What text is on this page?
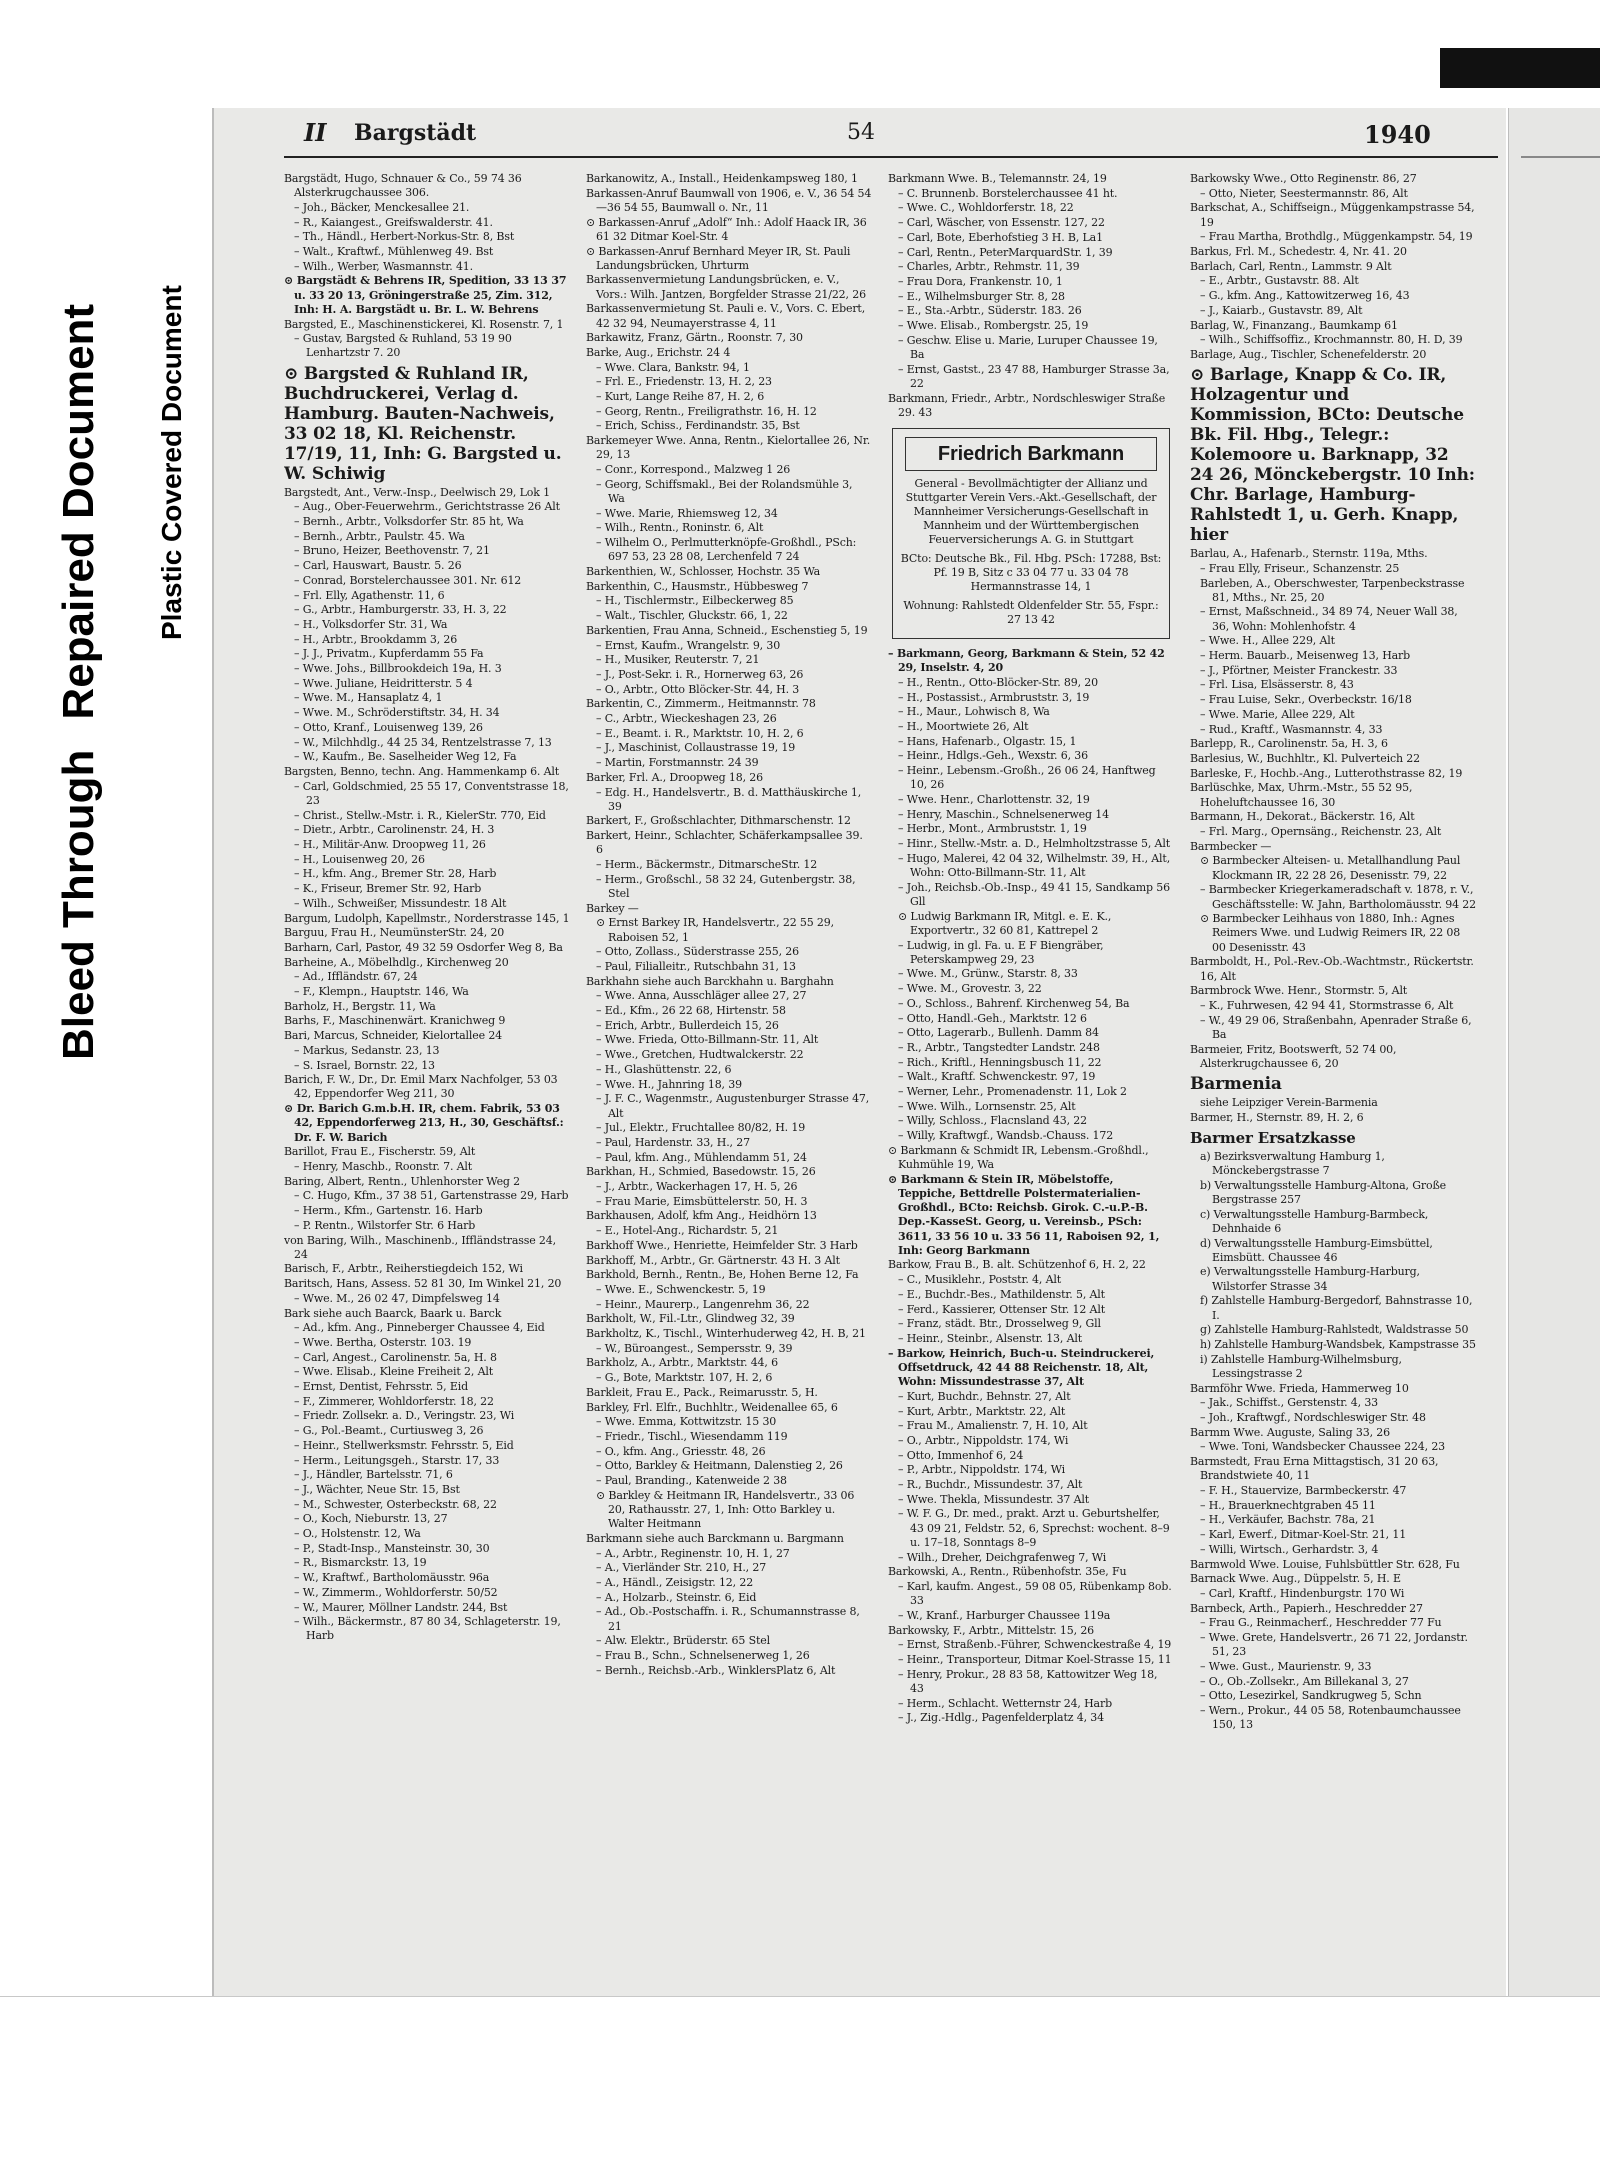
Bleed ThroughRepaired Document Plastic Covered Document
II Bargstädt	54	1940
Bargstädt, Hugo, Schnauer & Co., 59 74 36 Alsterkrugchaussee 306.
– Joh., Bäcker, Menckesallee 21.
– R., Kaiangest., Greifswalderstr. 41.
– Th., Händl., Herbert-Norkus-Str. 8, Bst
– Walt., Kraftwf., Mühlenweg 49. Bst
– Wilh., Werber, Wasmannstr. 41.
⊙ Bargstädt & Behrens IR, Spedition, 33 13 37 u. 33 20 13, Gröningerstraße 25, Zim. 312, Inh: H. A. Bargstädt u. Br. L. W. Behrens
Bargsted, E., Maschinenstickerei, Kl. Rosenstr. 7, 1
– Gustav, Bargsted & Ruhland, 53 19 90 Lenhartzstr 7. 20
⊙ Bargsted & Ruhland IR, Buchdruckerei, Verlag d. Hamburg. Bauten-Nachweis, 33 02 18, Kl. Reichenstr. 17/19, 11, Inh: G. Bargsted u. W. Schiwig
Bargstedt, Ant., Verw.-Insp., Deelwisch 29, Lok 1
– Aug., Ober-Feuerwehrm., Gerichtstrasse 26 Alt
– Bernh., Arbtr., Volksdorfer Str. 85 ht, Wa
– Bernh., Arbtr., Paulstr. 45. Wa
– Bruno, Heizer, Beethovenstr. 7, 21
– Carl, Hauswart, Baustr. 5. 26
– Conrad, Borstelerchaussee 301. Nr. 612
– Frl. Elly, Agathenstr. 11, 6
– G., Arbtr., Hamburgerstr. 33, H. 3, 22
– H., Volksdorfer Str. 31, Wa
– H., Arbtr., Brookdamm 3, 26
– J. J., Privatm., Kupferdamm 55 Fa
– Wwe. Johs., Billbrookdeich 19a, H. 3
– Wwe. Juliane, Heidritterstr. 5 4
– Wwe. M., Hansaplatz 4, 1
– Wwe. M., Schröderstiftstr. 34, H. 34
– Otto, Kranf., Louisenweg 139, 26
– W., Milchhdlg., 44 25 34, Rentzelstrasse 7, 13
– W., Kaufm., Be. Saselheider Weg 12, Fa
Bargsten, Benno, techn. Ang. Hammenkamp 6. Alt
– Carl, Goldschmied, 25 55 17, Conventstrasse 18, 23
– Christ., Stellw.-Mstr. i. R., KielerStr. 770, Eid
– Dietr., Arbtr., Carolinenstr. 24, H. 3
– H., Militär-Anw. Droopweg 11, 26
– H., Louisenweg 20, 26
– H., kfm. Ang., Bremer Str. 28, Harb
– K., Friseur, Bremer Str. 92, Harb
– Wilh., Schweißer, Missundestr. 18 Alt
Bargum, Ludolph, Kapellmstr., Norderstrasse 145, 1
Barguu, Frau H., NeumünsterStr. 24, 20
Barharn, Carl, Pastor, 49 32 59 Osdorfer Weg 8, Ba
Barheine, A., Möbelhdlg., Kirchenweg 20
– Ad., Iffländstr. 67, 24
– F., Klempn., Hauptstr. 146, Wa
Barholz, H., Bergstr. 11, Wa
Barhs, F., Maschinenwärt. Kranichweg 9
Bari, Marcus, Schneider, Kielortallee 24
– Markus, Sedanstr. 23, 13
– S. Israel, Bornstr. 22, 13
Barich, F. W., Dr., Dr. Emil Marx Nachfolger, 53 03 42, Eppendorfer Weg 211, 30
⊙ Dr. Barich G.m.b.H. IR, chem. Fabrik, 53 03 42, Eppendorferweg 213, H., 30, Geschäftsf.: Dr. F. W. Barich
Barillot, Frau E., Fischerstr. 59, Alt
– Henry, Maschb., Roonstr. 7. Alt
Baring, Albert, Rentn., Uhlenhorster Weg 2
– C. Hugo, Kfm., 37 38 51, Gartenstrasse 29, Harb
– Herm., Kfm., Gartenstr. 16. Harb
– P. Rentn., Wilstorfer Str. 6 Harb
von Baring, Wilh., Maschinenb., Iffländstrasse 24, 24
Barisch, F., Arbtr., Reiherstiegdeich 152, Wi
Baritsch, Hans, Assess. 52 81 30, Im Winkel 21, 20
– Wwe. M., 26 02 47, Dimpfelsweg 14
Bark siehe auch Baarck, Baark u. Barck
– Ad., kfm. Ang., Pinneberger Chaussee 4, Eid
– Wwe. Bertha, Osterstr. 103. 19
– Carl, Angest., Carolinenstr. 5a, H. 8
– Wwe. Elisab., Kleine Freiheit 2, Alt
– Ernst, Dentist, Fehrsstr. 5, Eid
– F., Zimmerer, Wohldorferstr. 18, 22
– Friedr. Zollsekr. a. D., Veringstr. 23, Wi
– G., Pol.-Beamt., Curtiusweg 3, 26
– Heinr., Stellwerksmstr. Fehrsstr. 5, Eid
– Herm., Leitungsgeh., Starstr. 17, 33
– J., Händler, Bartelsstr. 71, 6
– J., Wächter, Neue Str. 15, Bst
– M., Schwester, Osterbeckstr. 68, 22
– O., Koch, Nieburstr. 13, 27
– O., Holstenstr. 12, Wa
– P., Stadt-Insp., Mansteinstr. 30, 30
– R., Bismarckstr. 13, 19
– W., Kraftwf., Bartholomäusstr. 96a
– W., Zimmerm., Wohldorferstr. 50/52
– W., Maurer, Möllner Landstr. 244, Bst
– Wilh., Bäckermstr., 87 80 34, Schlageterstr. 19, Harb
Barkanowitz, A., Install., Heidenkampsweg 180, 1
Barkassen-Anruf Baumwall von 1906, e. V., 36 54 54—36 54 55, Baumwall o. Nr., 11
⊙ Barkassen-Anruf „Adolf“ Inh.: Adolf Haack IR, 36 61 32 Ditmar Koel-Str. 4
⊙ Barkassen-Anruf Bernhard Meyer IR, St. Pauli Landungsbrücken, Uhrturm
Barkassenvermietung Landungsbrücken, e. V., Vors.: Wilh. Jantzen, Borgfelder Strasse 21/22, 26
Barkassenvermietung St. Pauli e. V., Vors. C. Ebert, 42 32 94, Neumayerstrasse 4, 11
Barkawitz, Franz, Gärtn., Roonstr. 7, 30
Barke, Aug., Erichstr. 24 4
– Wwe. Clara, Bankstr. 94, 1
– Frl. E., Friedenstr. 13, H. 2, 23
– Kurt, Lange Reihe 87, H. 2, 6
– Georg, Rentn., Freiligrathstr. 16, H. 12
– Erich, Schiss., Ferdinandstr. 35, Bst
Barkemeyer Wwe. Anna, Rentn., Kielortallee 26, Nr. 29, 13
– Conr., Korrespond., Malzweg 1 26
– Georg, Schiffsmakl., Bei der Rolandsmühle 3, Wa
– Wwe. Marie, Rhiemsweg 12, 34
– Wilh., Rentn., Roninstr. 6, Alt
– Wilhelm O., Perlmutterknöpfe-Großhdl., PSch: 697 53, 23 28 08, Lerchenfeld 7 24
Barkenthien, W., Schlosser, Hochstr. 35 Wa
Barkenthin, C., Hausmstr., Hübbesweg 7
– H., Tischlermstr., Eilbeckerweg 85
– Walt., Tischler, Gluckstr. 66, 1, 22
Barkentien, Frau Anna, Schneid., Eschenstieg 5, 19
– Ernst, Kaufm., Wrangelstr. 9, 30
– H., Musiker, Reuterstr. 7, 21
– J., Post-Sekr. i. R., Hornerweg 63, 26
– O., Arbtr., Otto Blöcker-Str. 44, H. 3
Barkentin, C., Zimmerm., Heitmannstr. 78
– C., Arbtr., Wieckeshagen 23, 26
– E., Beamt. i. R., Marktstr. 10, H. 2, 6
– J., Maschinist, Collaustrasse 19, 19
– Martin, Forstmannstr. 24 39
Barker, Frl. A., Droopweg 18, 26
– Edg. H., Handelsvertr., B. d. Matthäuskirche 1, 39
Barkert, F., Großschlachter, Dithmarschenstr. 12
Barkert, Heinr., Schlachter, Schäferkampsallee 39. 6
– Herm., Bäckermstr., DitmarscheStr. 12
– Herm., Großschl., 58 32 24, Gutenbergstr. 38, Stel
Barkey —
⊙ Ernst Barkey IR, Handelsvertr., 22 55 29, Raboisen 52, 1
– Otto, Zollass., Süderstrasse 255, 26
– Paul, Filialleitr., Rutschbahn 31, 13
Barkhahn siehe auch Barckhahn u. Barghahn
– Wwe. Anna, Ausschläger allee 27, 27
– Ed., Kfm., 26 22 68, Hirtenstr. 58
– Erich, Arbtr., Bullerdeich 15, 26
– Wwe. Frieda, Otto-Billmann-Str. 11, Alt
– Wwe., Gretchen, Hudtwalckerstr. 22
– H., Glashüttenstr. 22, 6
– Wwe. H., Jahnring 18, 39
– J. F. C., Wagenmstr., Augustenburger Strasse 47, Alt
– Jul., Elektr., Fruchtallee 80/82, H. 19
– Paul, Hardenstr. 33, H., 27
– Paul, kfm. Ang., Mühlendamm 51, 24
Barkhan, H., Schmied, Basedowstr. 15, 26
– J., Arbtr., Wackerhagen 17, H. 5, 26
– Frau Marie, Eimsbüttelerstr. 50, H. 3
Barkhausen, Adolf, kfm Ang., Heidhörn 13
– E., Hotel-Ang., Richardstr. 5, 21
Barkhoff Wwe., Henriette, Heimfelder Str. 3 Harb
Barkhoff, M., Arbtr., Gr. Gärtnerstr. 43 H. 3 Alt
Barkhold, Bernh., Rentn., Be, Hohen Berne 12, Fa
– Wwe. E., Schwenckestr. 5, 19
– Heinr., Maurerp., Langenrehm 36, 22
Barkholt, W., Fil.-Ltr., Glindweg 32, 39
Barkholtz, K., Tischl., Winterhuderweg 42, H. B, 21
– W., Büroangest., Sempersstr. 9, 39
Barkholz, A., Arbtr., Marktstr. 44, 6
– G., Bote, Marktstr. 107, H. 2, 6
Barkleit, Frau E., Pack., Reimarusstr. 5, H.
Barkley, Frl. Elfr., Buchhltr., Weidenallee 65, 6
– Wwe. Emma, Kottwitzstr. 15 30
– Friedr., Tischl., Wiesendamm 119
– O., kfm. Ang., Griesstr. 48, 26
– Otto, Barkley & Heitmann, Dalenstieg 2, 26
– Paul, Branding., Katenweide 2 38
⊙ Barkley & Heitmann IR, Handelsvertr., 33 06 20, Rathausstr. 27, 1, Inh: Otto Barkley u. Walter Heitmann
Barkmann siehe auch Barckmann u. Bargmann
– A., Arbtr., Reginenstr. 10, H. 1, 27
– A., Vierländer Str. 210, H., 27
– A., Händl., Zeisigstr. 12, 22
– A., Holzarb., Steinstr. 6, Eid
– Ad., Ob.-Postschaffn. i. R., Schumannstrasse 8, 21
– Alw. Elektr., Brüderstr. 65 Stel
– Frau B., Schn., Schnelsenerweg 1, 26
– Bernh., Reichsb.-Arb., WinklersPlatz 6, Alt
Barkmann Wwe. B., Telemannstr. 24, 19
– C. Brunnenb. Borstelerchaussee 41 ht.
– Wwe. C., Wohldorferstr. 18, 22
– Carl, Wäscher, von Essenstr. 127, 22
– Carl, Bote, Eberhofstieg 3 H. B, La1
– Carl, Rentn., PeterMarquardStr. 1, 39
– Charles, Arbtr., Rehmstr. 11, 39
– Frau Dora, Frankenstr. 10, 1
– E., Wilhelmsburger Str. 8, 28
– E., Sta.-Arbtr., Süderstr. 183. 26
– Wwe. Elisab., Rombergstr. 25, 19
– Geschw. Elise u. Marie, Luruper Chaussee 19, Ba
– Ernst, Gastst., 23 47 88, Hamburger Strasse 3a, 22
Barkmann, Friedr., Arbtr., Nordschleswiger Straße 29. 43
Friedrich Barkmann
General - Bevollmächtigter der Allianz und Stuttgarter Verein Vers.-Akt.-Gesellschaft, der Mannheimer Versicherungs-Gesellschaft in Mannheim und der Württembergischen Feuerversicherungs A. G. in Stuttgart
BCto: Deutsche Bk., Fil. Hbg. PSch: 17288, Bst: Pf. 19 B, Sitz c 33 04 77 u. 33 04 78 Hermannstrasse 14, 1
Wohnung: Rahlstedt Oldenfelder Str. 55, Fspr.: 27 13 42
– Barkmann, Georg, Barkmann & Stein, 52 42 29, Inselstr. 4, 20
– H., Rentn., Otto-Blöcker-Str. 89, 20
– H., Postassist., Armbruststr. 3, 19
– H., Maur., Lohwisch 8, Wa
– H., Moortwiete 26, Alt
– Hans, Hafenarb., Olgastr. 15, 1
– Heinr., Hdlgs.-Geh., Wexstr. 6, 36
– Heinr., Lebensm.-Großh., 26 06 24, Hanftweg 10, 26
– Wwe. Henr., Charlottenstr. 32, 19
– Henry, Maschin., Schnelsenerweg 14
– Herbr., Mont., Armbruststr. 1, 19
– Hinr., Stellw.-Mstr. a. D., Helmholtzstrasse 5, Alt
– Hugo, Malerei, 42 04 32, Wilhelmstr. 39, H., Alt, Wohn: Otto-Billmann-Str. 11, Alt
– Joh., Reichsb.-Ob.-Insp., 49 41 15, Sandkamp 56 Gll
⊙ Ludwig Barkmann IR, Mitgl. e. E. K., Exportvertr., 32 60 81, Kattrepel 2
– Ludwig, in gl. Fa. u. E F Biengräber, Peterskampweg 29, 23
– Wwe. M., Grünw., Starstr. 8, 33
– Wwe. M., Grovestr. 3, 22
– O., Schloss., Bahrenf. Kirchenweg 54, Ba
– Otto, Handl.-Geh., Marktstr. 12 6
– Otto, Lagerarb., Bullenh. Damm 84
– R., Arbtr., Tangstedter Landstr. 248
– Rich., Kriftl., Henningsbusch 11, 22
– Walt., Kraftf. Schwenckestr. 97, 19
– Werner, Lehr., Promenadenstr. 11, Lok 2
– Wwe. Wilh., Lornsenstr. 25, Alt
– Willy, Schloss., Flacnsland 43, 22
– Willy, Kraftwgf., Wandsb.-Chauss. 172
⊙ Barkmann & Schmidt IR, Lebensm.-Großhdl., Kuhmühle 19, Wa
⊙ Barkmann & Stein IR, Möbelstoffe, Teppiche, Bettdrelle Polstermaterialien-Großhdl., BCto: Reichsb. Girok. C.-u.P.-B. Dep.-KasseSt. Georg, u. Vereinsb., PSch: 3611, 33 56 10 u. 33 56 11, Raboisen 92, 1, Inh: Georg Barkmann
Barkow, Frau B., B. alt. Schützenhof 6, H. 2, 22
– C., Musiklehr., Poststr. 4, Alt
– E., Buchdr.-Bes., Mathildenstr. 5, Alt
– Ferd., Kassierer, Ottenser Str. 12 Alt
– Franz, städt. Btr., Drosselweg 9, Gll
– Heinr., Steinbr., Alsenstr. 13, Alt
– Barkow, Heinrich, Buch-u. Steindruckerei, Offsetdruck, 42 44 88 Reichenstr. 18, Alt, Wohn: Missundestrasse 37, Alt
– Kurt, Buchdr., Behnstr. 27, Alt
– Kurt, Arbtr., Marktstr. 22, Alt
– Frau M., Amalienstr. 7, H. 10, Alt
– O., Arbtr., Nippoldstr. 174, Wi
– Otto, Immenhof 6, 24
– P., Arbtr., Nippoldstr. 174, Wi
– R., Buchdr., Missundestr. 37, Alt
– Wwe. Thekla, Missundestr. 37 Alt
– W. F. G., Dr. med., prakt. Arzt u. Geburtshelfer, 43 09 21, Feldstr. 52, 6, Sprechst: wochent. 8–9 u. 17–18, Sonntags 8–9
– Wilh., Dreher, Deichgrafenweg 7, Wi
Barkowski, A., Rentn., Rübenhofstr. 35e, Fu
– Karl, kaufm. Angest., 59 08 05, Rübenkamp 8ob. 33
– W., Kranf., Harburger Chaussee 119a
Barkowsky, F., Arbtr., Mittelstr. 15, 26
– Ernst, Straßenb.-Führer, Schwenckestraße 4, 19
– Heinr., Transporteur, Ditmar Koel-Strasse 15, 11
– Henry, Prokur., 28 83 58, Kattowitzer Weg 18, 43
– Herm., Schlacht. Wetternstr 24, Harb
– J., Zig.-Hdlg., Pagenfelderplatz 4, 34
Barkowsky Wwe., Otto Reginenstr. 86, 27
– Otto, Nieter, Seestermannstr. 86, Alt
Barkschat, A., Schiffseign., Müggenkampstrasse 54, 19
– Frau Martha, Brothdlg., Müggenkampstr. 54, 19
Barkus, Frl. M., Schedestr. 4, Nr. 41. 20
Barlach, Carl, Rentn., Lammstr. 9 Alt
– E., Arbtr., Gustavstr. 88. Alt
– G., kfm. Ang., Kattowitzerweg 16, 43
– J., Kaiarb., Gustavstr. 89, Alt
Barlag, W., Finanzang., Baumkamp 61
– Wilh., Schiffsoffiz., Krochmannstr. 80, H. D, 39
Barlage, Aug., Tischler, Schenefelderstr. 20
⊙ Barlage, Knapp & Co. IR, Holzagentur und Kommission, BCto: Deutsche Bk. Fil. Hbg., Telegr.: Kolemoore u. Barknapp, 32 24 26, Mönckebergstr. 10 Inh: Chr. Barlage, Hamburg-Rahlstedt 1, u. Gerh. Knapp, hier
Barlau, A., Hafenarb., Sternstr. 119a, Mths.
– Frau Elly, Friseur., Schanzenstr. 25
Barleben, A., Oberschwester, Tarpenbeckstrasse 81, Mths., Nr. 25, 20
– Ernst, Maßschneid., 34 89 74, Neuer Wall 38, 36, Wohn: Mohlenhofstr. 4
– Wwe. H., Allee 229, Alt
– Herm. Bauarb., Meisenweg 13, Harb
– J., Pförtner, Meister Franckestr. 33
– Frl. Lisa, Elsässerstr. 8, 43
– Frau Luise, Sekr., Overbeckstr. 16/18
– Wwe. Marie, Allee 229, Alt
– Rud., Kraftf., Wasmannstr. 4, 33
Barlepp, R., Carolinenstr. 5a, H. 3, 6
Barlesius, W., Buchhltr., Kl. Pulverteich 22
Barleske, F., Hochb.-Ang., Lutterothstrasse 82, 19
Barlüschke, Max, Uhrm.-Mstr., 55 52 95, Hoheluftchaussee 16, 30
Barmann, H., Dekorat., Bäckerstr. 16, Alt
– Frl. Marg., Opernsäng., Reichenstr. 23, Alt
Barmbecker —
⊙ Barmbecker Alteisen- u. Metallhandlung Paul Klockmann IR, 22 28 26, Desenisstr. 79, 22
– Barmbecker Kriegerkameradschaft v. 1878, r. V., Geschäftsstelle: W. Jahn, Bartholomäusstr. 94 22
⊙ Barmbecker Leihhaus von 1880, Inh.: Agnes Reimers Wwe. und Ludwig Reimers IR, 22 08 00 Desenisstr. 43
Barmboldt, H., Pol.-Rev.-Ob.-Wachtmstr., Rückertstr. 16, Alt
Barmbrock Wwe. Henr., Stormstr. 5, Alt
– K., Fuhrwesen, 42 94 41, Stormstrasse 6, Alt
– W., 49 29 06, Straßenbahn, Apenrader Straße 6, Ba
Barmeier, Fritz, Bootswerft, 52 74 00, Alsterkrugchaussee 6, 20
Barmenia
siehe Leipziger Verein-Barmenia
Barmer, H., Sternstr. 89, H. 2, 6
Barmer Ersatzkasse
a) Bezirksverwaltung Hamburg 1, Mönckebergstrasse 7
b) Verwaltungsstelle Hamburg-Altona, Große Bergstrasse 257
c) Verwaltungsstelle Hamburg-Barmbeck, Dehnhaide 6
d) Verwaltungsstelle Hamburg-Eimsbüttel, Eimsbütt. Chaussee 46
e) Verwaltungsstelle Hamburg-Harburg, Wilstorfer Strasse 34
f) Zahlstelle Hamburg-Bergedorf, Bahnstrasse 10, I.
g) Zahlstelle Hamburg-Rahlstedt, Waldstrasse 50
h) Zahlstelle Hamburg-Wandsbek, Kampstrasse 35
i) Zahlstelle Hamburg-Wilhelmsburg, Lessingstrasse 2
Barmföhr Wwe. Frieda, Hammerweg 10
– Jak., Schiffst., Gerstenstr. 4, 33
– Joh., Kraftwgf., Nordschleswiger Str. 48
Barmm Wwe. Auguste, Saling 33, 26
– Wwe. Toni, Wandsbecker Chaussee 224, 23
Barmstedt, Frau Erna Mittagstisch, 31 20 63, Brandstwiete 40, 11
– F. H., Stauervize, Barmbeckerstr. 47
– H., Brauerknechtgraben 45 11
– H., Verkäufer, Bachstr. 78a, 21
– Karl, Ewerf., Ditmar-Koel-Str. 21, 11
– Willi, Wirtsch., Gerhardstr. 3, 4
Barmwold Wwe. Louise, Fuhlsbüttler Str. 628, Fu
Barnack Wwe. Aug., Düppelstr. 5, H. E
– Carl, Kraftf., Hindenburgstr. 170 Wi
Barnbeck, Arth., Papierh., Heschredder 27
– Frau G., Reinmacherf., Heschredder 77 Fu
– Wwe. Grete, Handelsvertr., 26 71 22, Jordanstr. 51, 23
– Wwe. Gust., Maurienstr. 9, 33
– O., Ob.-Zollsekr., Am Billekanal 3, 27
– Otto, Lesezirkel, Sandkrugweg 5, Schn
– Wern., Prokur., 44 05 58, Rotenbaumchaussee 150, 13
